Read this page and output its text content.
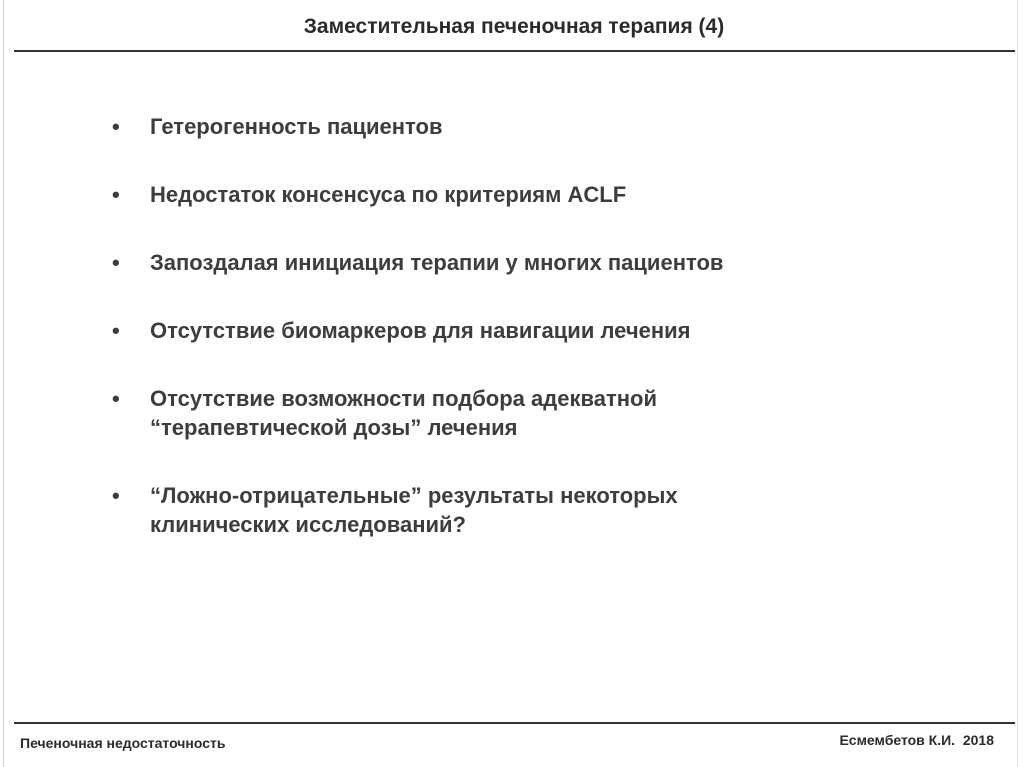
Заместительная печеночная терапия (4)
•	Гетерогенность пациентов
•	Недостаток консенсуса по критериям ACLF
•	Запоздалая инициация терапии у многих пациентов
•	Отсутствие биомаркеров для навигации лечения
•	Отсутствие возможности подбора адекватной
“терапевтической дозы” лечения
•	“Ложно-отрицательные” результаты некоторых
клинических исследований?
Печеночная недостаточность	Есмембетов К.И. 2018
